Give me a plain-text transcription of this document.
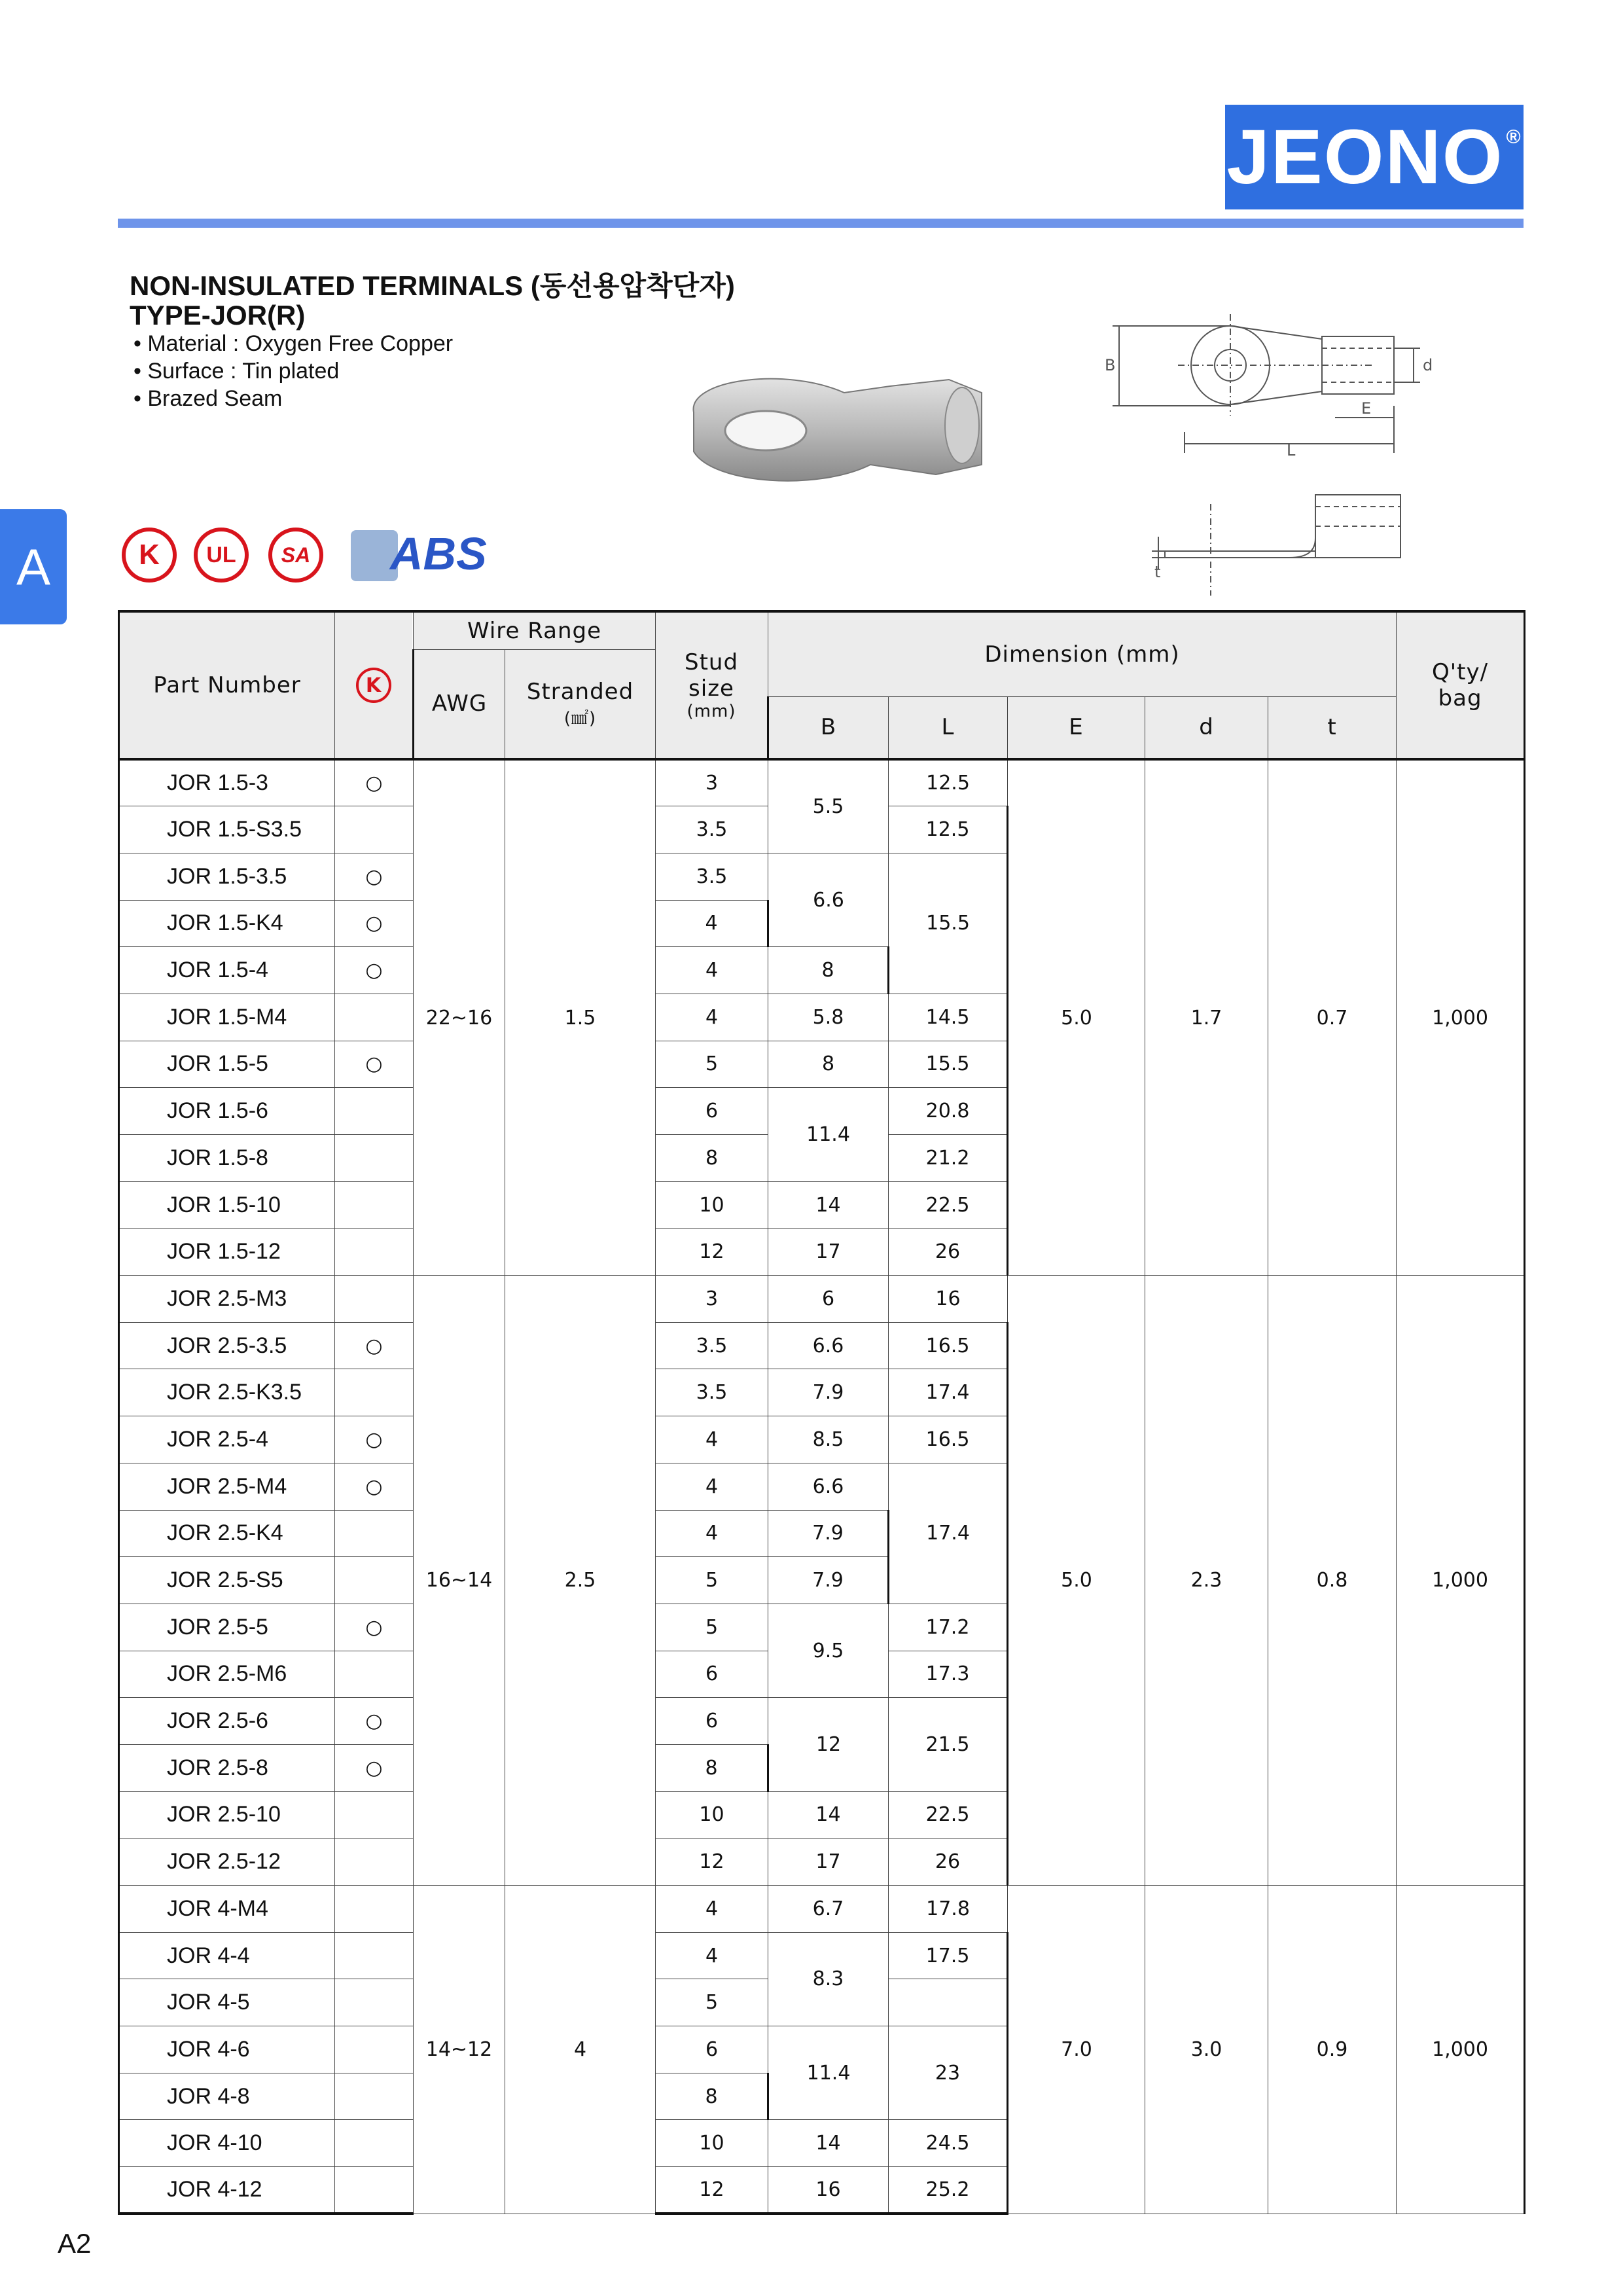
JEONO®
NON-INSULATED TERMINALS (동선용압착단자)
TYPE-JOR(R)
• Material : Oxygen Free Copper
• Surface : Tin plated
• Brazed Seam
B	d
E
L
t
A	K	UL	SA ABS
Part Number	K	Wire Range		Stud
size
(mm)	Dimension (mm)					Q'ty/
bag

		AWG	Stranded
(㎟)							

					B	L	E	d	t	
JOR 1.5-3	○	22~16	1.5	3	5.5	12.5	5.0	1.7	0.7	1,000
JOR 1.5-S3.5				3.5		12.5				
JOR 1.5-3.5	○			3.5	6.6	15.5				
JOR 1.5-K4	○			4						
JOR 1.5-4	○			4	8					
JOR 1.5-M4				4	5.8	14.5				
JOR 1.5-5	○			5	8	15.5				
JOR 1.5-6				6	11.4	20.8				
JOR 1.5-8				8		21.2				
JOR 1.5-10				10	14	22.5				
JOR 1.5-12				12	17	26				
JOR 2.5-M3		16~14	2.5	3	6	16	5.0	2.3	0.8	1,000
JOR 2.5-3.5	○			3.5	6.6	16.5				
JOR 2.5-K3.5				3.5	7.9	17.4				
JOR 2.5-4	○			4	8.5	16.5				
JOR 2.5-M4	○			4	6.6	17.4				
JOR 2.5-K4				4	7.9					
JOR 2.5-S5				5	7.9					
JOR 2.5-5	○			5	9.5	17.2				
JOR 2.5-M6				6		17.3				
JOR 2.5-6	○			6	12	21.5				
JOR 2.5-8	○			8						
JOR 2.5-10				10	14	22.5				
JOR 2.5-12				12	17	26				
JOR 4-M4		14~12	4	4	6.7	17.8	7.0	3.0	0.9	1,000
JOR 4-4				4	8.3	17.5				
JOR 4-5				5						
JOR 4-6				6	11.4	23				
JOR 4-8				8						
JOR 4-10				10	14	24.5				
JOR 4-12				12	16	25.2				
A2
